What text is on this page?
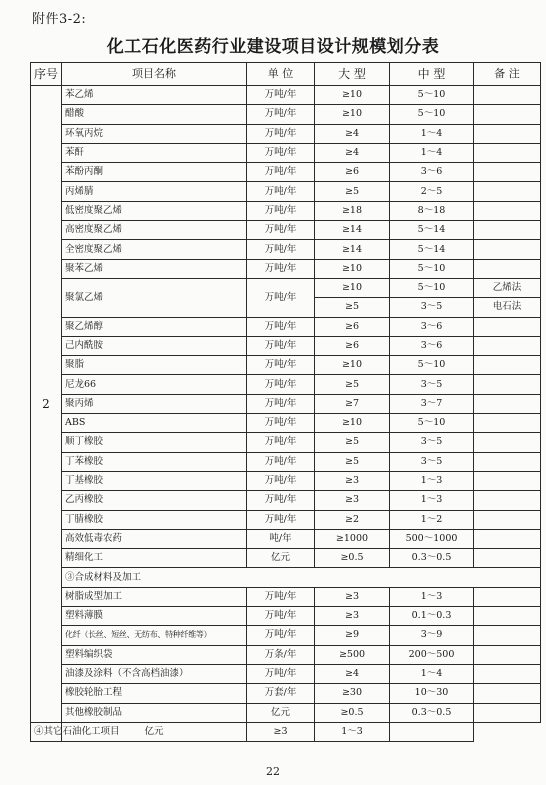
附件3-2:
化工石化医药行业建设项目设计规模划分表
序号	项目名称	单 位	大 型	中 型	备 注
2	苯乙烯	万吨/年	≥10	5～10	
	醋酸	万吨/年	≥10	5～10	
	环氧丙烷	万吨/年	≥4	1～4	
	苯酐	万吨/年	≥4	1～4	
	苯酚丙酮	万吨/年	≥6	3～6	
	丙烯腈	万吨/年	≥5	2～5	
	低密度聚乙烯	万吨/年	≥18	8～18	
	高密度聚乙烯	万吨/年	≥14	5～14	
	全密度聚乙烯	万吨/年	≥14	5～14	
	聚苯乙烯	万吨/年	≥10	5～10	
	聚氯乙烯	万吨/年	≥10	5～10	乙烯法
			≥5	3～5	电石法
	聚乙烯醇	万吨/年	≥6	3～6	
	己内酰胺	万吨/年	≥6	3～6	
	聚脂	万吨/年	≥10	5～10	
	尼龙66	万吨/年	≥5	3～5	
	聚丙烯	万吨/年	≥7	3～7	
	ABS	万吨/年	≥10	5～10	
	顺丁橡胶	万吨/年	≥5	3～5	
	丁苯橡胶	万吨/年	≥5	3～5	
	丁基橡胶	万吨/年	≥3	1～3	
	乙丙橡胶	万吨/年	≥3	1～3	
	丁腈橡胶	万吨/年	≥2	1～2	
	高效低毒农药	吨/年	≥1000	500～1000	
	精细化工	亿元	≥0.5	0.3～0.5	
	③合成材料及加工				
	树脂成型加工	万吨/年	≥3	1～3	
	塑料薄膜	万吨/年	≥3	0.1～0.3	
	化纤（长丝、短丝、无纺布、特种纤维等）	万吨/年	≥9	3～9	
	塑料编织袋	万条/年	≥500	200～500	
	油漆及涂料（不含高档油漆）	万吨/年	≥4	1～4	
	橡胶轮胎工程	万套/年	≥30	10～30	
	其他橡胶制品	亿元	≥0.5	0.3～0.5	
④其它石油化工项目	亿元	≥3	1～3		
22
